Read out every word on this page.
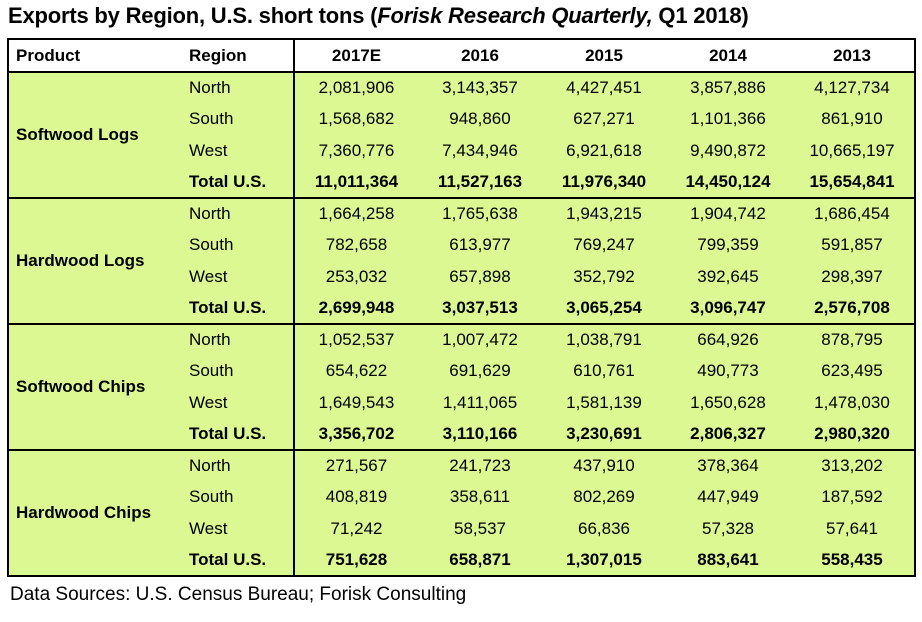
Exports by Region, U.S. short tons (Forisk Research Quarterly, Q1 2018)
Product	Region	2017E	2016	2015	2014	2013
Softwood Logs	North	2,081,906	3,143,357	4,427,451	3,857,886	4,127,734
	South	1,568,682	948,860	627,271	1,101,366	861,910
	West	7,360,776	7,434,946	6,921,618	9,490,872	10,665,197
	Total U.S.	11,011,364	11,527,163	11,976,340	14,450,124	15,654,841
Hardwood Logs	North	1,664,258	1,765,638	1,943,215	1,904,742	1,686,454
	South	782,658	613,977	769,247	799,359	591,857
	West	253,032	657,898	352,792	392,645	298,397
	Total U.S.	2,699,948	3,037,513	3,065,254	3,096,747	2,576,708
Softwood Chips	North	1,052,537	1,007,472	1,038,791	664,926	878,795
	South	654,622	691,629	610,761	490,773	623,495
	West	1,649,543	1,411,065	1,581,139	1,650,628	1,478,030
	Total U.S.	3,356,702	3,110,166	3,230,691	2,806,327	2,980,320
Hardwood Chips	North	271,567	241,723	437,910	378,364	313,202
	South	408,819	358,611	802,269	447,949	187,592
	West	71,242	58,537	66,836	57,328	57,641
	Total U.S.	751,628	658,871	1,307,015	883,641	558,435
Data Sources: U.S. Census Bureau; Forisk Consulting
